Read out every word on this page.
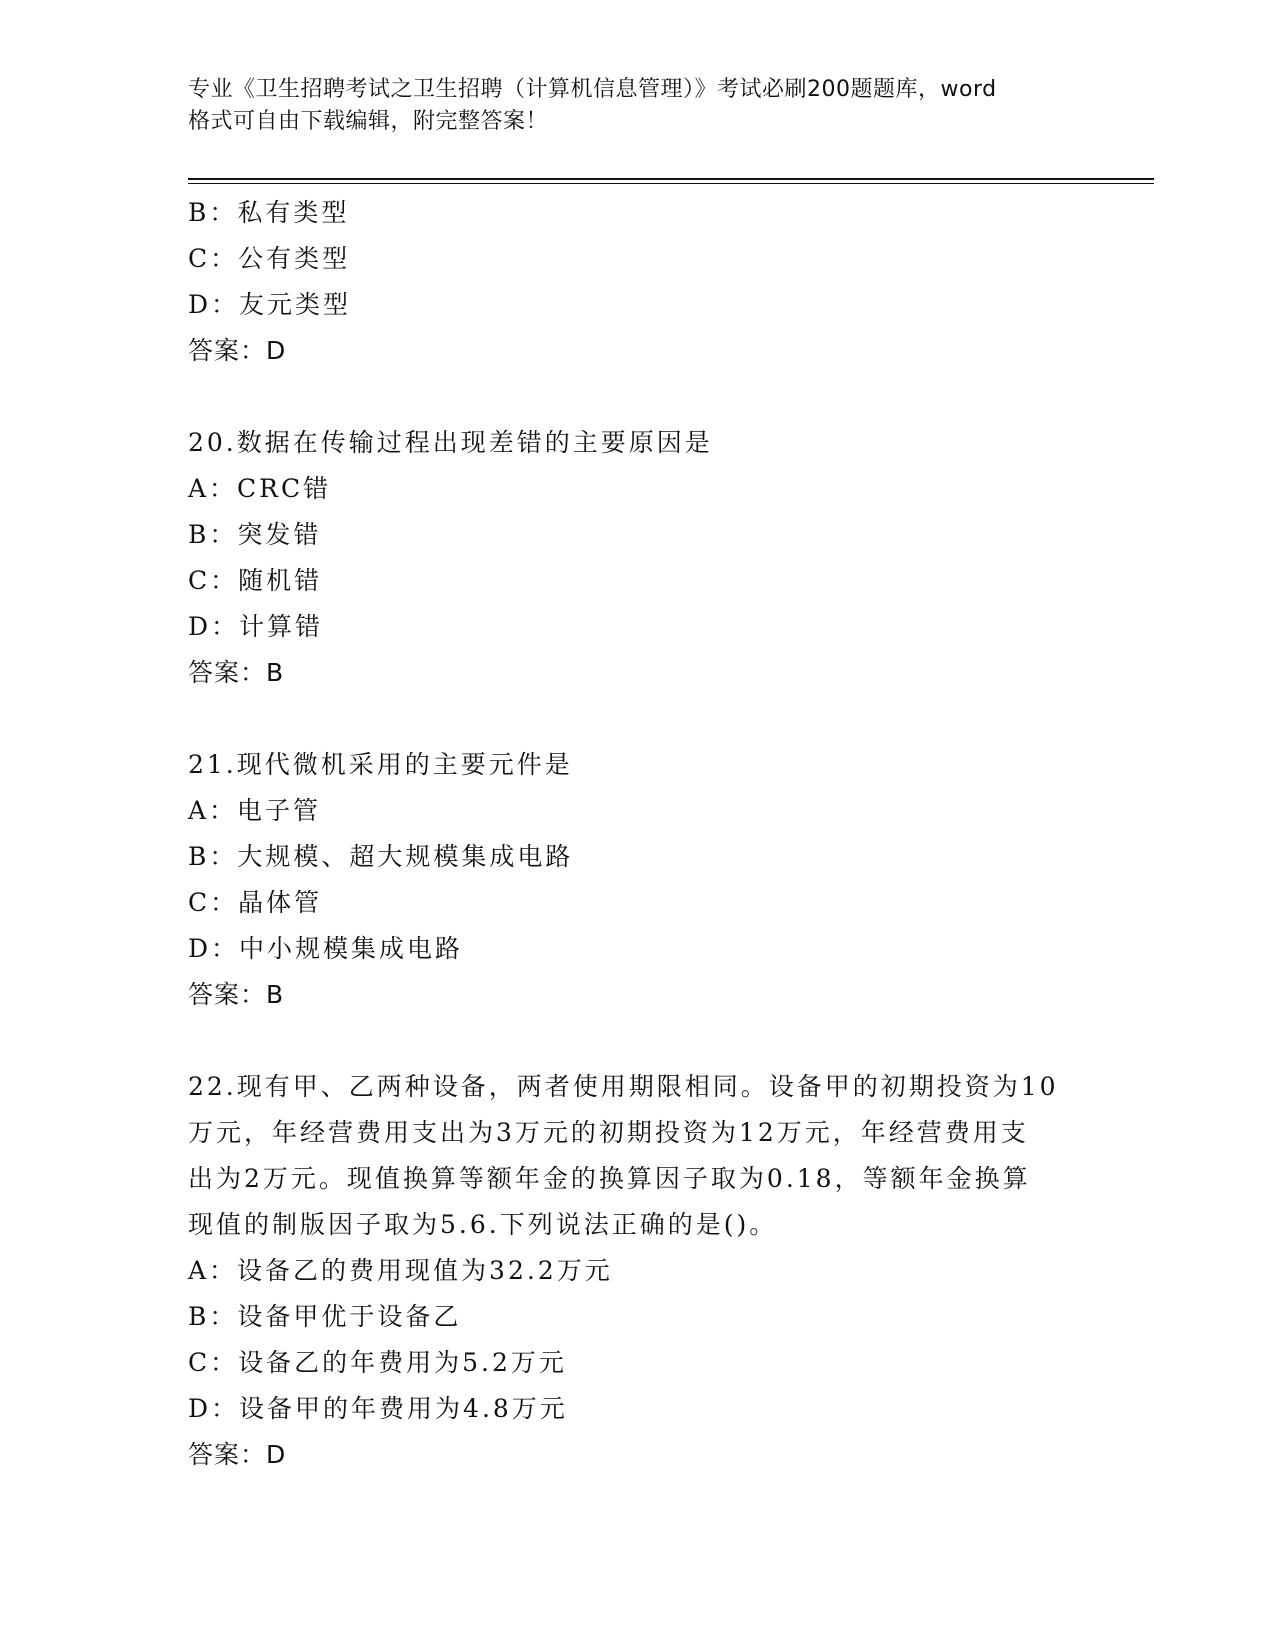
专业《卫生招聘考试之卫生招聘（计算机信息管理）》考试必刷200题题库，word
格式可自由下载编辑，附完整答案！
B：私有类型
C：公有类型
D：友元类型
答案：D
20.数据在传输过程出现差错的主要原因是
A：CRC错
B：突发错
C：随机错
D：计算错
答案：B
21.现代微机采用的主要元件是
A：电子管
B：大规模、超大规模集成电路
C：晶体管
D：中小规模集成电路
答案：B
22.现有甲、乙两种设备，两者使用期限相同。设备甲的初期投资为10
万元，年经营费用支出为3万元的初期投资为12万元，年经营费用支
出为2万元。现值换算等额年金的换算因子取为0.18，等额年金换算
现值的制版因子取为5.6.下列说法正确的是()。
A：设备乙的费用现值为32.2万元
B：设备甲优于设备乙
C：设备乙的年费用为5.2万元
D：设备甲的年费用为4.8万元
答案：D
